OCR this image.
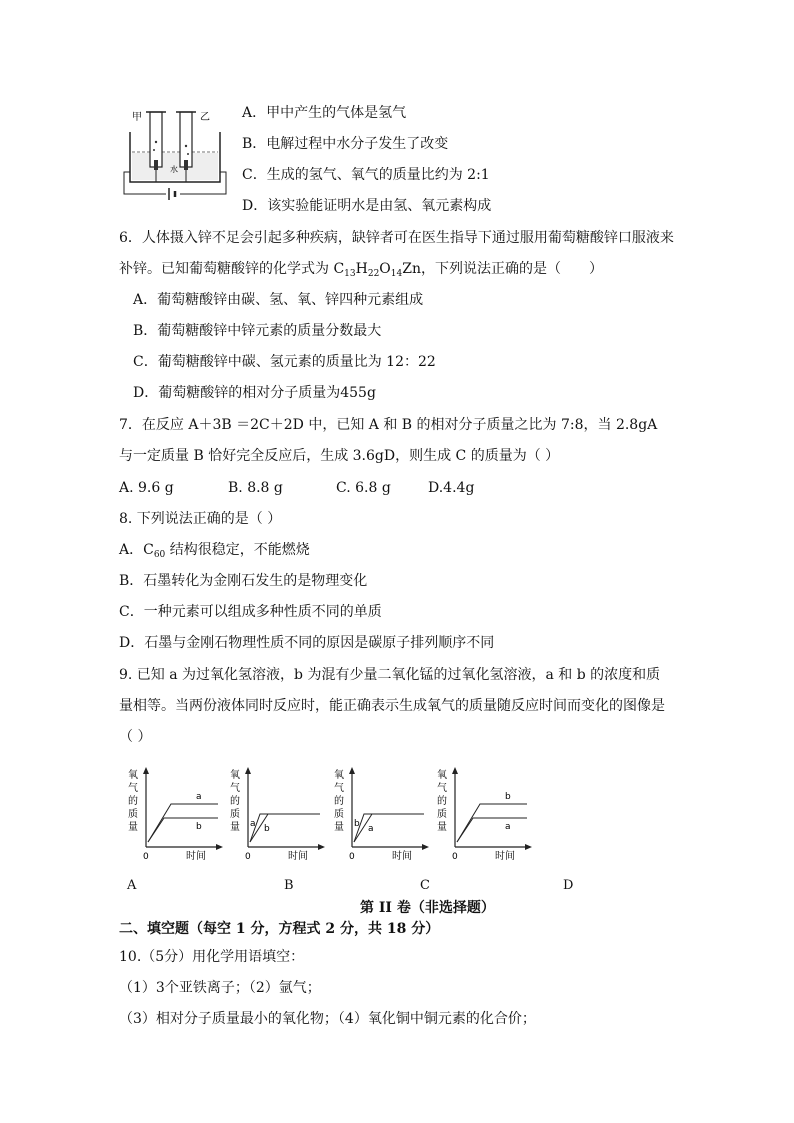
甲	乙
水
A．甲中产生的气体是氢气
B．电解过程中水分子发生了改变
C．生成的氢气、氧气的质量比约为 2:1
D．该实验能证明水是由氢、氧元素构成
6．人体摄入锌不足会引起多种疾病，缺锌者可在医生指导下通过服用葡萄糖酸锌口服液来
补锌。已知葡萄糖酸锌的化学式为 $C_{13}H_{22}O_{14}Zn$，下列说法正确的是（　　）
A．葡萄糖酸锌由碳、氢、氧、锌四种元素组成
B．葡萄糖酸锌中锌元素的质量分数最大
C．葡萄糖酸锌中碳、氢元素的质量比为 12：22
D．葡萄糖酸锌的相对分子质量为455g
7．在反应 A＋3B ＝2C＋2D 中，已知 A 和 B 的相对分子质量之比为 7:8，当 2.8gA
与一定质量 B 恰好完全反应后，生成 3.6gD，则生成 C 的质量为（ ）
A. 9.6 g	B. 8.8 g	C. 6.8 g	D.4.4g
8. 下列说法正确的是（ ）
A．$C_{60}$ 结构很稳定，不能燃烧
B．石墨转化为金刚石发生的是物理变化
C．一种元素可以组成多种性质不同的单质
D．石墨与金刚石物理性质不同的原因是碳原子排列顺序不同
9. 已知 a 为过氧化氢溶液，b 为混有少量二氧化锰的过氧化氢溶液，a 和 b 的浓度和质
量相等。当两份液体同时反应时，能正确表示生成氧气的质量随反应时间而变化的图像是
（ ）
氧
气
的
质
量
0	时间
a
b
氧
气
的
质
量
0	时间
a b
氧
气
的
质
量
0	时间
b a
氧
气
的
质
量
0	时间
b
a
A	B	C	D
第 II 卷（非选择题）
二、填空题（每空 1 分，方程式 2 分，共 18 分）
10.（5分）用化学用语填空：
（1）3个亚铁离子；（2）氩气；
（3）相对分子质量最小的氧化物；（4）氧化铜中铜元素的化合价；
